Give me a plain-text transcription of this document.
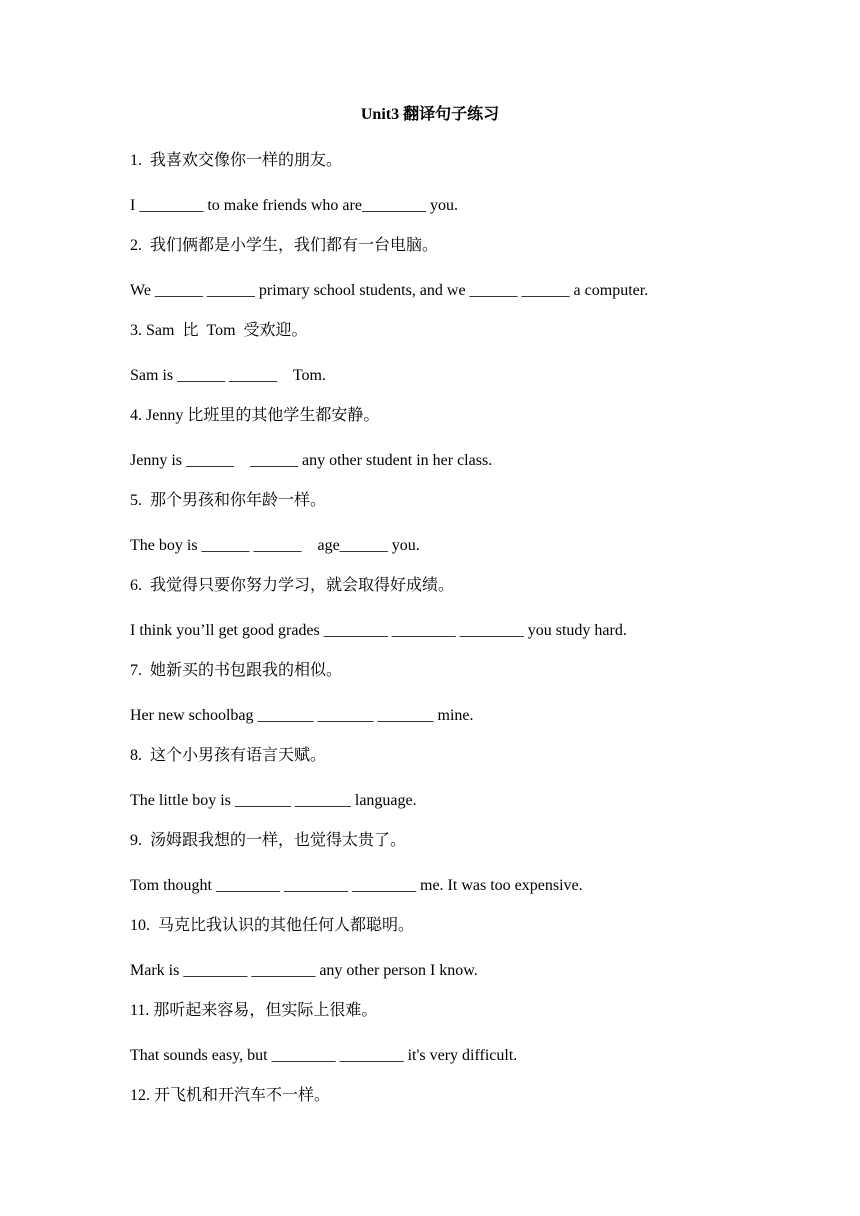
Unit3 翻译句子练习
1.  我喜欢交像你一样的朋友。
I ________ to make friends who are________ you.
2.  我们俩都是小学生，我们都有一台电脑。
We ______ ______ primary school students, and we ______ ______ a computer.
3. Sam  比  Tom  受欢迎。
Sam is ______ ______    Tom.
4. Jenny 比班里的其他学生都安静。
Jenny is ______    ______ any other student in her class.
5.  那个男孩和你年龄一样。
The boy is ______ ______    age______ you.
6.  我觉得只要你努力学习，就会取得好成绩。
I think you’ll get good grades ________ ________ ________ you study hard.
7.  她新买的书包跟我的相似。
Her new schoolbag _______ _______ _______ mine.
8.  这个小男孩有语言天赋。
The little boy is _______ _______ language.
9.  汤姆跟我想的一样，也觉得太贵了。
Tom thought ________ ________ ________ me. It was too expensive.
10.  马克比我认识的其他任何人都聪明。
Mark is ________ ________ any other person I know.
11. 那听起来容易，但实际上很难。
That sounds easy, but ________ ________ it's very difficult.
12. 开飞机和开汽车不一样。
